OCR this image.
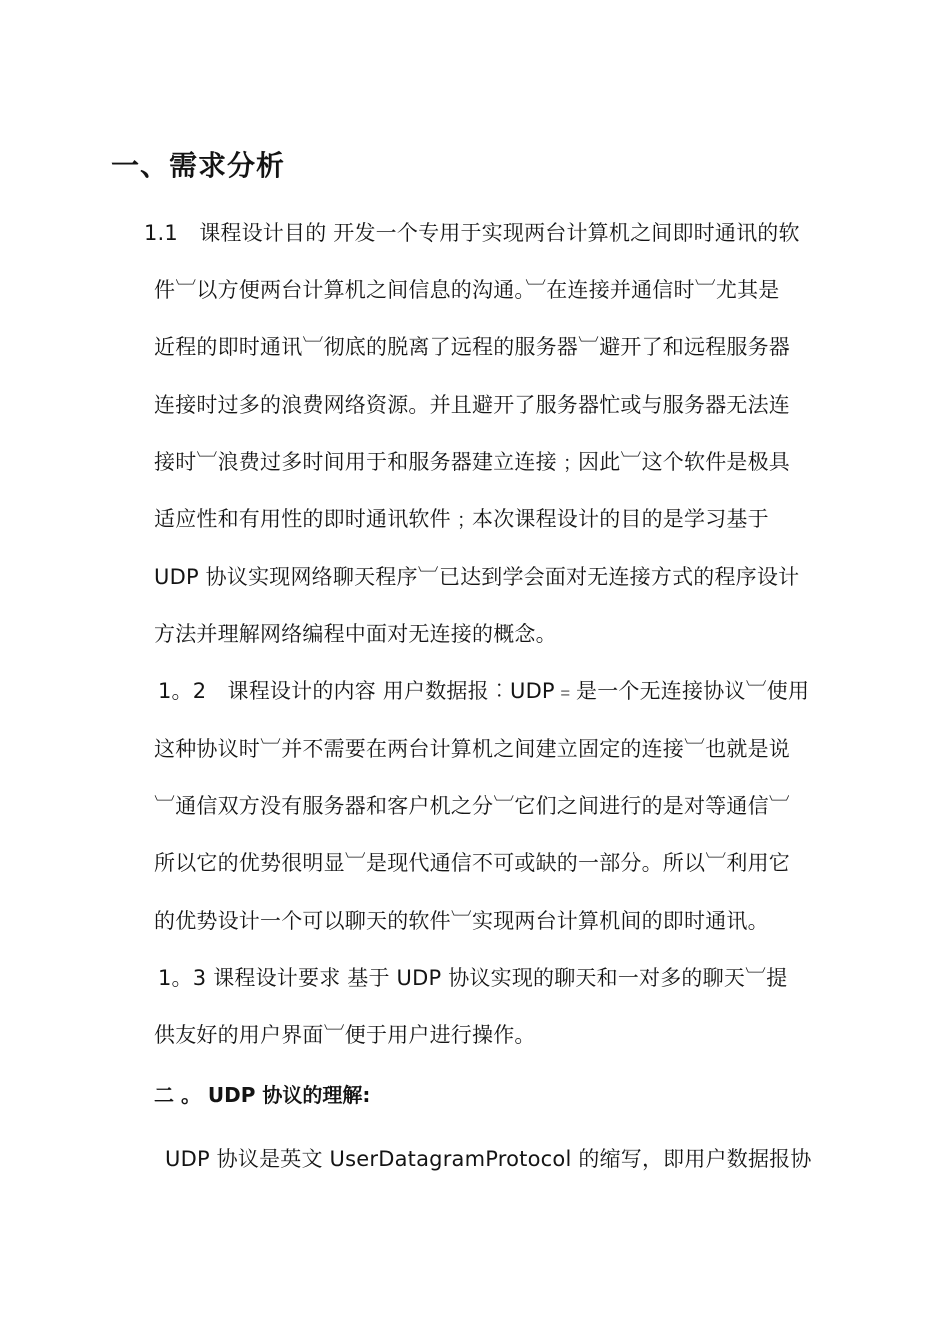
一、需求分析
1.1　课程设计目的 开发一个专用于实现两台计算机之间即时通讯的软
件︺以方便两台计算机之间信息的沟通。︺在连接并通信时︺尤其是
近程的即时通讯︺彻底的脱离了远程的服务器︺避开了和远程服务器
连接时过多的浪费网络资源。并且避开了服务器忙或与服务器无法连
接时︺浪费过多时间用于和服务器建立连接﹔因此︺这个软件是极具
适应性和有用性的即时通讯软件﹔本次课程设计的目的是学习基于
UDP 协议实现网络聊天程序︺已达到学会面对无连接方式的程序设计
方法并理解网络编程中面对无连接的概念。
1。2　课程设计的内容 用户数据报︰UDP﹦是一个无连接协议︺使用
这种协议时︺并不需要在两台计算机之间建立固定的连接︺也就是说
︺通信双方没有服务器和客户机之分︺它们之间进行的是对等通信︺
所以它的优势很明显︺是现代通信不可或缺的一部分。所以︺利用它
的优势设计一个可以聊天的软件︺实现两台计算机间的即时通讯。
1。3 课程设计要求 基于 UDP 协议实现的聊天和一对多的聊天︺提
供友好的用户界面︺便于用户进行操作。
二 。 UDP 协议的理解:
UDP 协议是英文 UserDatagramProtocol 的缩写，即用户数据报协
